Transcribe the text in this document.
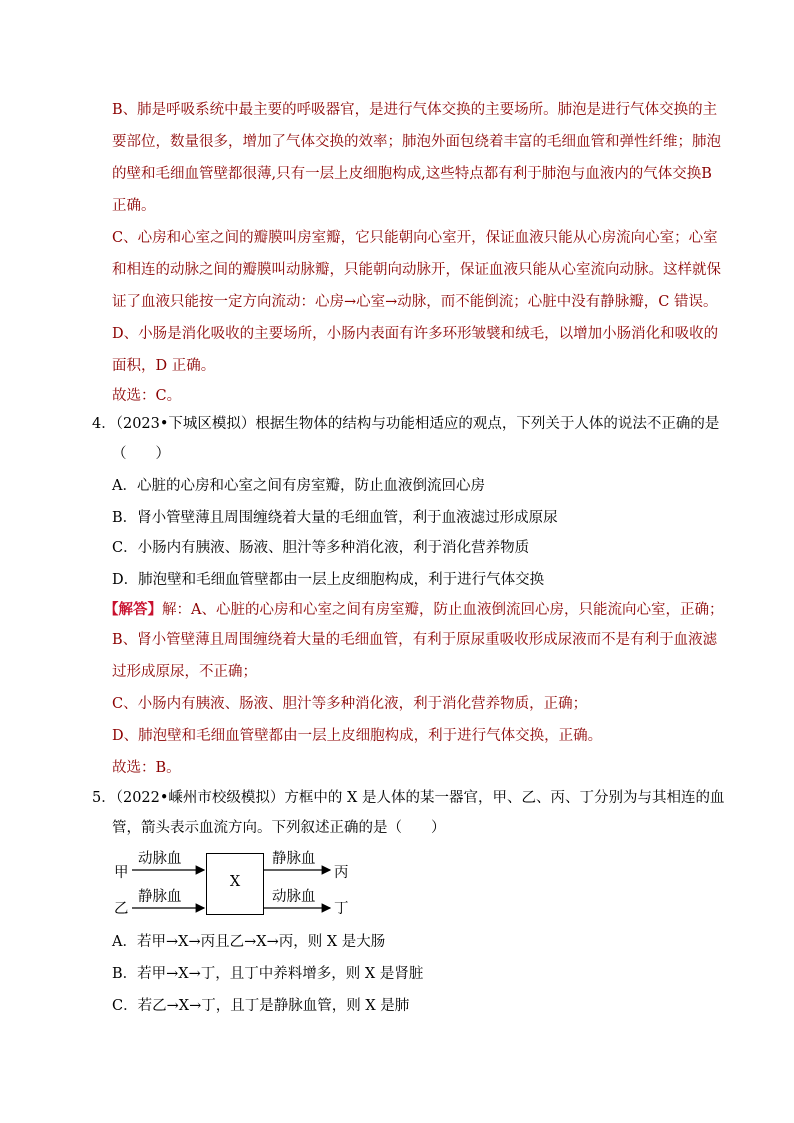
B、肺是呼吸系统中最主要的呼吸器官，是进行气体交换的主要场所。肺泡是进行气体交换的主
要部位，数量很多，增加了气体交换的效率；肺泡外面包绕着丰富的毛细血管和弹性纤维；肺泡
的壁和毛细血管壁都很薄,只有一层上皮细胞构成,这些特点都有利于肺泡与血液内的气体交换B
正确。
C、心房和心室之间的瓣膜叫房室瓣，它只能朝向心室开，保证血液只能从心房流向心室；心室
和相连的动脉之间的瓣膜叫动脉瓣，只能朝向动脉开，保证血液只能从心室流向动脉。这样就保
证了血液只能按一定方向流动：心房→心室→动脉，而不能倒流；心脏中没有静脉瓣，C 错误。
D、小肠是消化吸收的主要场所，小肠内表面有许多环形皱襞和绒毛，以增加小肠消化和吸收的
面积，D 正确。
故选：C。
4．（2023•下城区模拟）根据生物体的结构与功能相适应的观点，下列关于人体的说法不正确的是
（　　）
A．心脏的心房和心室之间有房室瓣，防止血液倒流回心房
B．肾小管壁薄且周围缠绕着大量的毛细血管，利于血液滤过形成原尿
C．小肠内有胰液、肠液、胆汁等多种消化液，利于消化营养物质
D．肺泡壁和毛细血管壁都由一层上皮细胞构成，利于进行气体交换
【解答】解：A、心脏的心房和心室之间有房室瓣，防止血液倒流回心房，只能流向心室，正确；
B、肾小管壁薄且周围缠绕着大量的毛细血管，有利于原尿重吸收形成尿液而不是有利于血液滤
过形成原尿，不正确；
C、小肠内有胰液、肠液、胆汁等多种消化液，利于消化营养物质，正确；
D、肺泡壁和毛细血管壁都由一层上皮细胞构成，利于进行气体交换，正确。
故选：B。
5．（2022•嵊州市校级模拟）方框中的 X 是人体的某一器官，甲、乙、丙、丁分别为与其相连的血
管，箭头表示血流方向。下列叙述正确的是（　　）
甲
动脉血
乙
静脉血
X
静脉血
丙
动脉血
丁
A．若甲→X→丙且乙→X→丙，则 X 是大肠
B．若甲→X→丁，且丁中养料增多，则 X 是肾脏
C．若乙→X→丁，且丁是静脉血管，则 X 是肺
